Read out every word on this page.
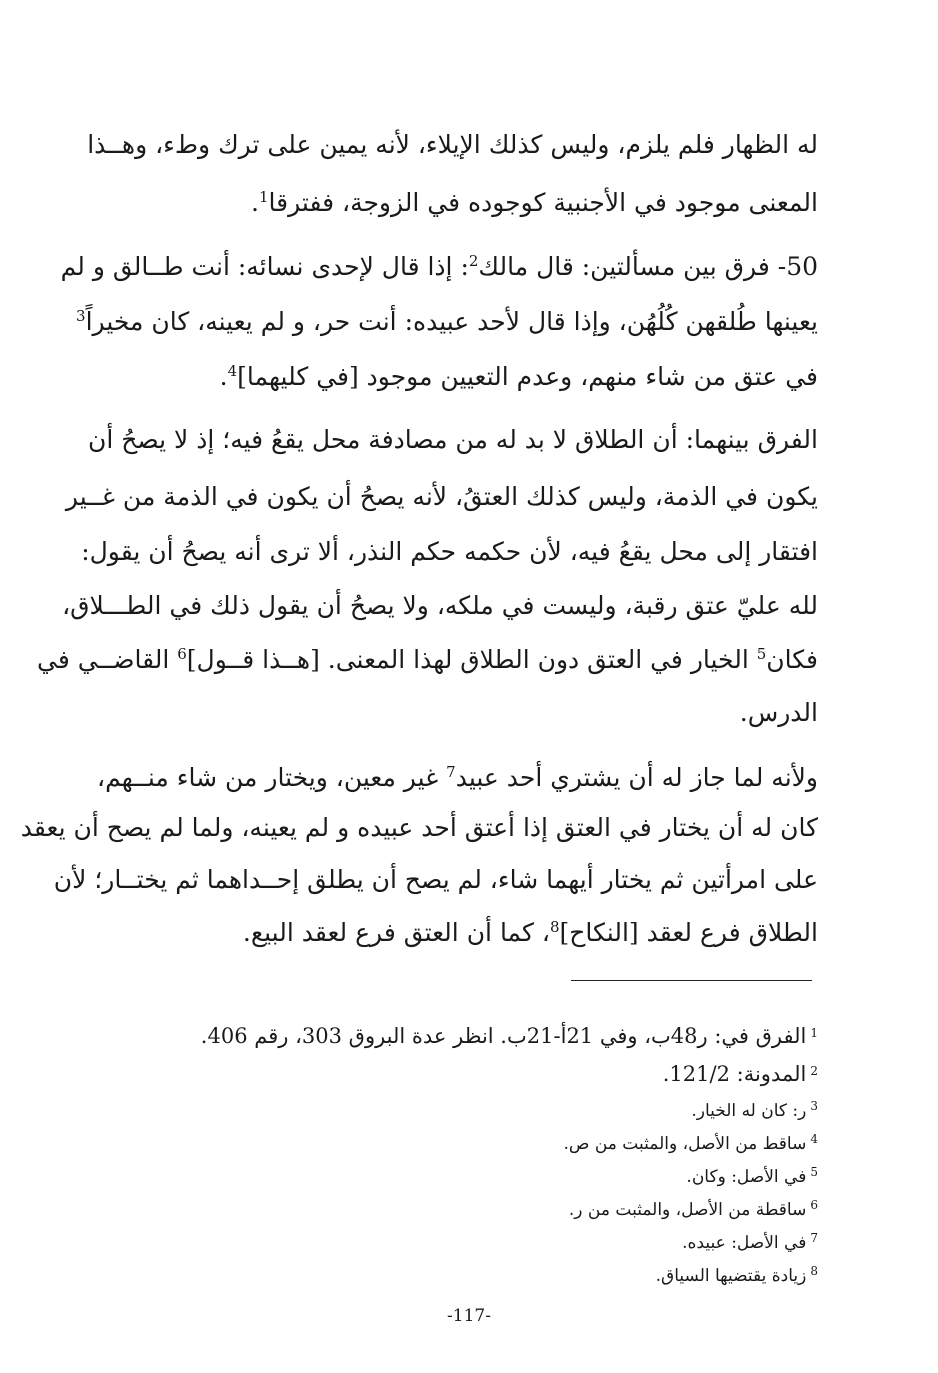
له الظهار فلم يلزم، وليس كذلك الإيلاء، لأنه يمين على ترك وطء، وهــذا
المعنى موجود في الأجنبية كوجوده في الزوجة، ففترقا$^1$.
50- فرق بين مسألتين: قال مالك$^2$: إذا قال لإحدى نسائه: أنت طــالق و لم
يعينها طُلقهن كُلُهُن، وإذا قال لأحد عبيده: أنت حر، و لم يعينه، كان مخيراً$^3$
في عتق من شاء منهم، وعدم التعيين موجود [في كليهما]$^4$.
الفرق بينهما: أن الطلاق لا بد له من مصادفة محل يقعُ فيه؛ إذ لا يصحُ أن
يكون في الذمة، وليس كذلك العتقُ، لأنه يصحُ أن يكون في الذمة من غــير
افتقار إلى محل يقعُ فيه، لأن حكمه حكم النذر، ألا ترى أنه يصحُ أن يقول:
لله عليّ عتق رقبة، وليست في ملكه، ولا يصحُ أن يقول ذلك في الطـــلاق،
فكان$^5$ الخيار في العتق دون الطلاق لهذا المعنى. [هــذا قــول]$^6$ القاضــي في
الدرس.
ولأنه لما جاز له أن يشتري أحد عبيد$^7$ غير معين، ويختار من شاء منــهم،
كان له أن يختار في العتق إذا أعتق أحد عبيده و لم يعينه، ولما لم يصح أن يعقد
على امرأتين ثم يختار أيهما شاء، لم يصح أن يطلق إحــداهما ثم يختــار؛ لأن
الطلاق فرع لعقد [النكاح]$^8$، كما أن العتق فرع لعقد البيع.
$^1$الفرق في: ر48ب، وفي 21أ-21ب. انظر عدة البروق 303، رقم 406.
$^2$المدونة: 121/2.
$^3$ر: كان له الخيار.
$^4$ساقط من الأصل، والمثبت من ص.
$^5$في الأصل: وكان.
$^6$ساقطة من الأصل، والمثبت من ر.
$^7$في الأصل: عبيده.
$^8$زيادة يقتضيها السياق.
-117-
